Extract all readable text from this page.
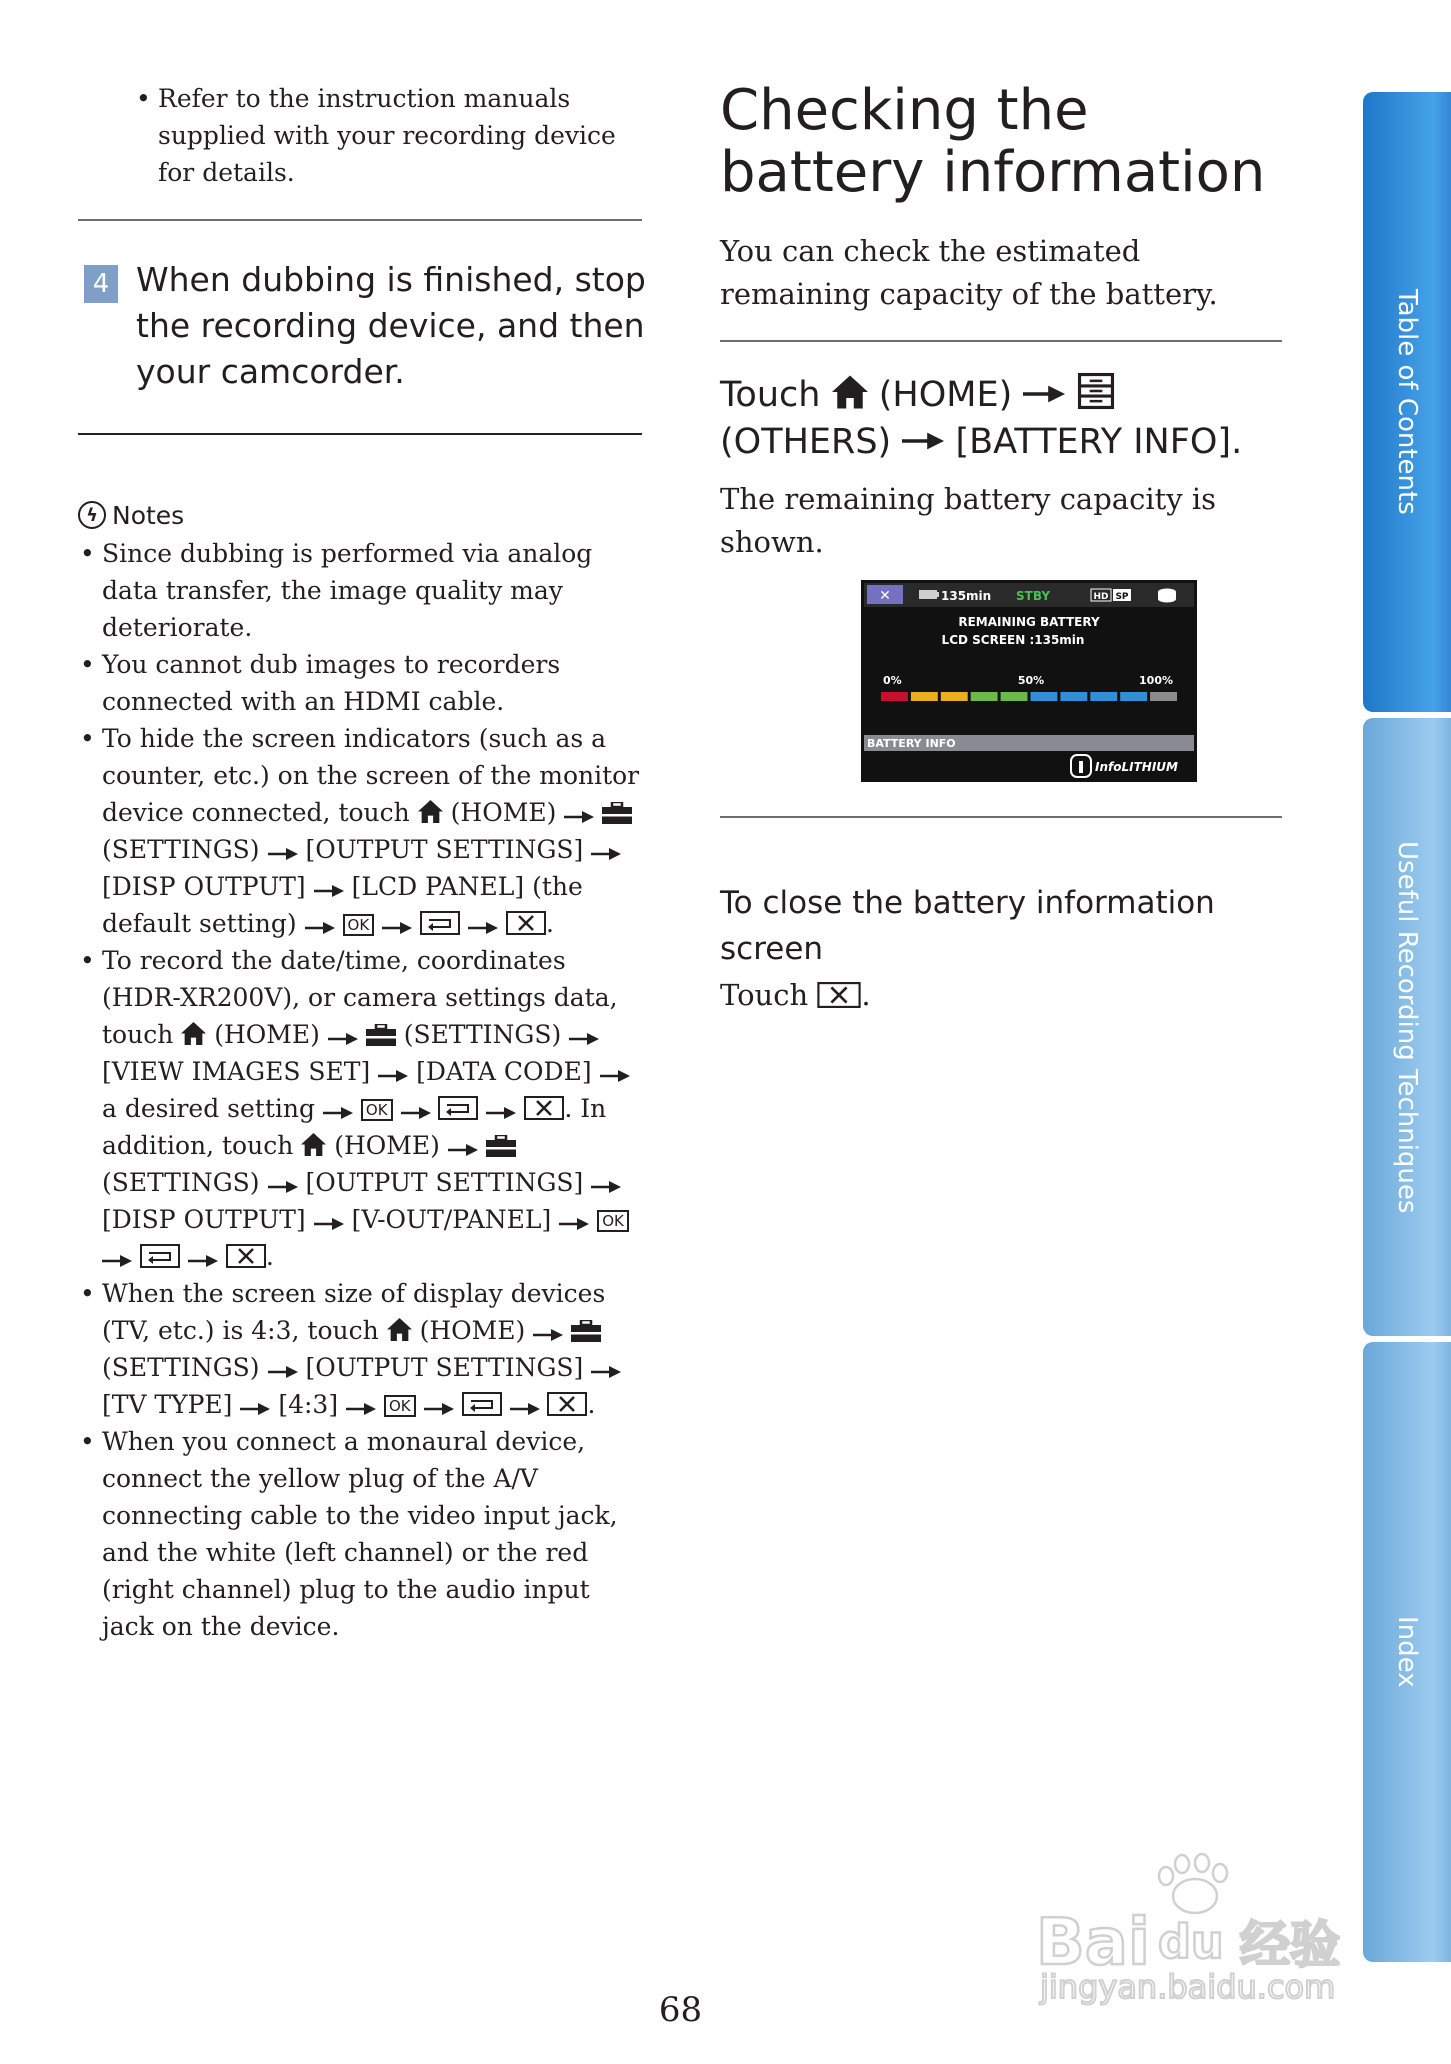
• Refer to the instruction manuals supplied with your recording device for details.
4 When dubbing is finished, stop the recording device, and then your camcorder.
ϟ Notes
• Since dubbing is performed via analog data transfer, the image quality may deteriorate.
• You cannot dub images to recorders connected with an HDMI cable.
• To hide the screen indicators (such as a counter, etc.) on the screen of the monitor device connected, touch (HOME)   (SETTINGS) [OUTPUT SETTINGS]  [DISP OUTPUT] [LCD PANEL] (the default setting)	OK	.
• To record the date/time, coordinates (HDR-XR200V), or camera settings data, touch (HOME)	(SETTINGS)  [VIEW IMAGES SET] [DATA CODE]  a desired setting	OK	. In addition, touch (HOME)   (SETTINGS) [OUTPUT SETTINGS]  [DISP OUTPUT] [V-OUT/PANEL]	OK    .
• When the screen size of display devices (TV, etc.) is 4:3, touch (HOME)   (SETTINGS) [OUTPUT SETTINGS]  [TV TYPE] [4:3]	OK	.
• When you connect a monaural device, connect the yellow plug of the A/V connecting cable to the video input jack, and the white (left channel) or the red (right channel) plug to the audio input jack on the device.
Checking the battery information
You can check the estimated remaining capacity of the battery.
Touch (HOME)   (OTHERS) [BATTERY INFO].
The remaining battery capacity is shown.
✕	135min STBY	HD SP
REMAINING BATTERY
LCD SCREEN :135min
0%	50%	100%
BATTERY INFO
InfoLITHIUM
To close the battery information screen
Touch .
Table of Contents
Useful Recording Techniques
Index
68
Bai du 经验
jingyan.baidu.com
